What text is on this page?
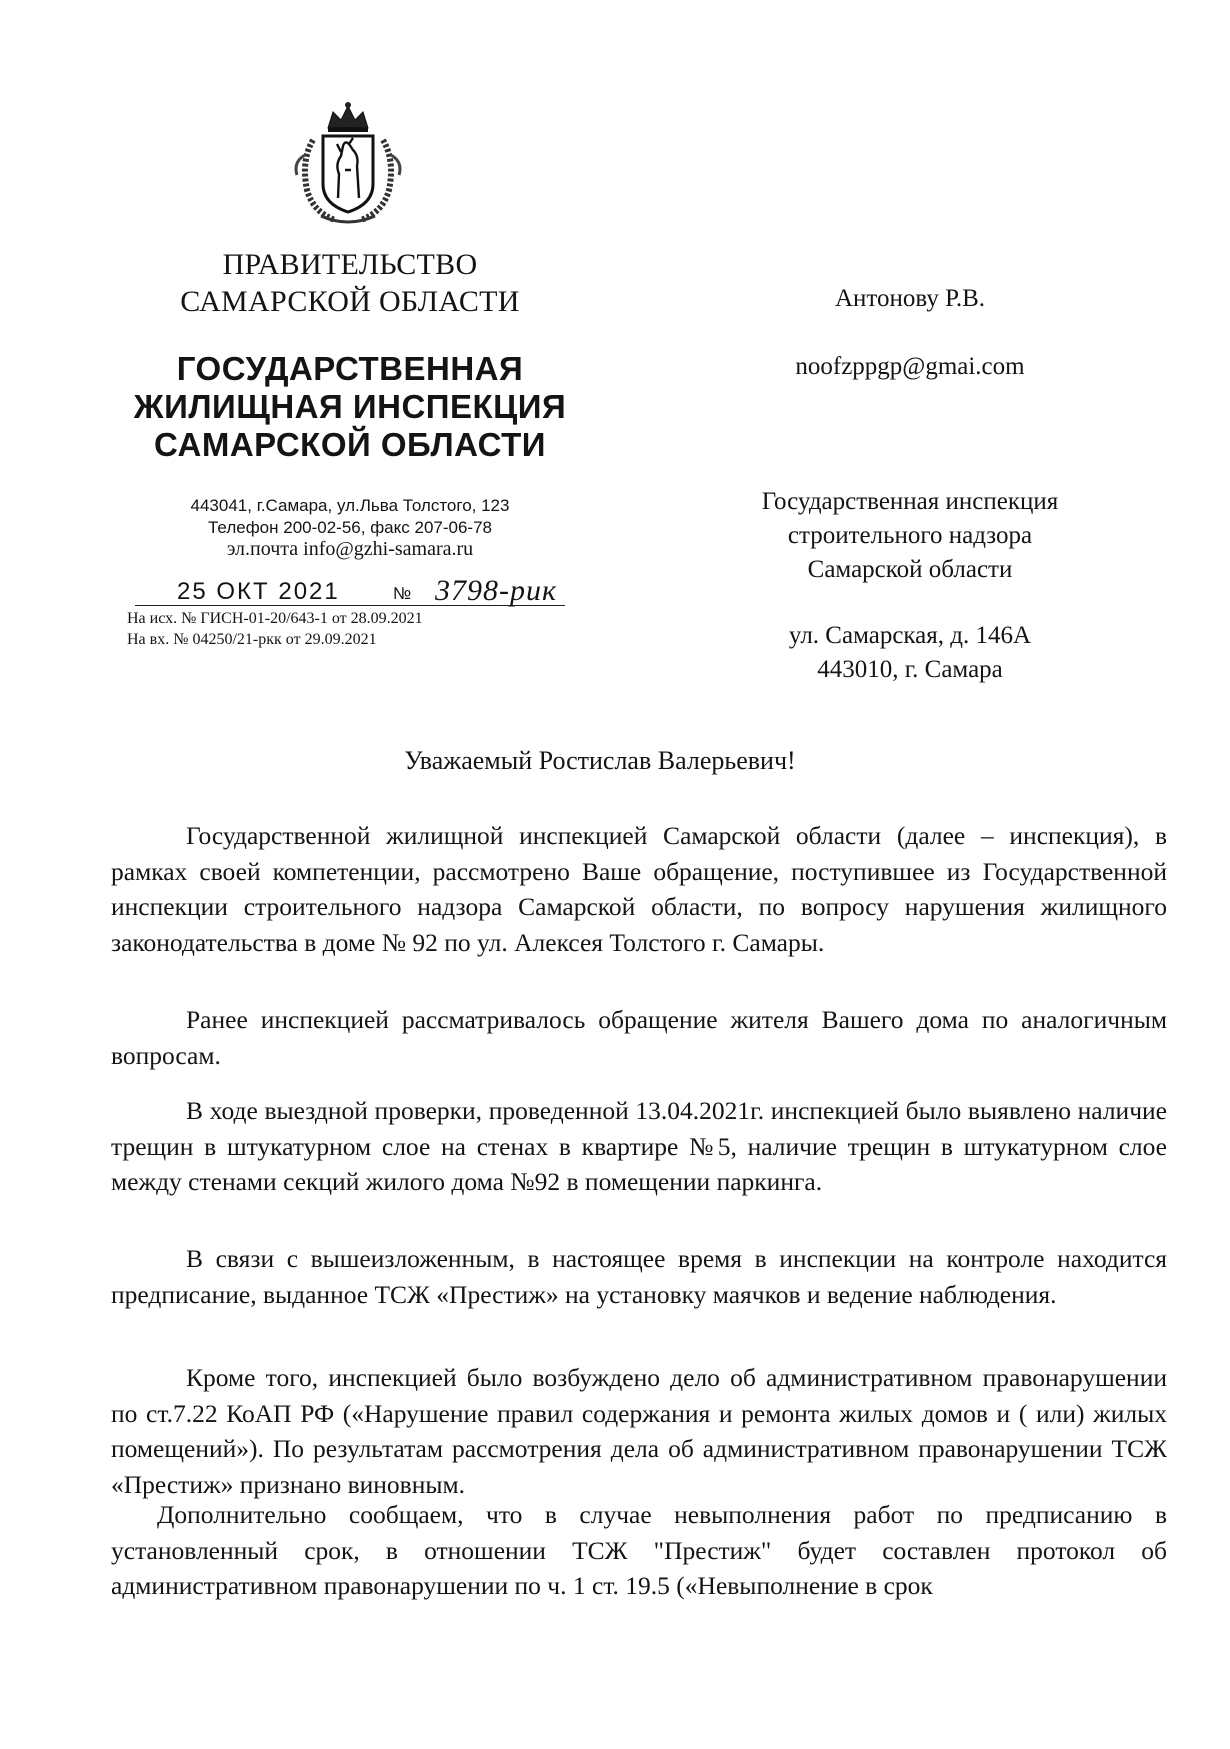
ПРАВИТЕЛЬСТВО
САМАРСКОЙ ОБЛАСТИ
ГОСУДАРСТВЕННАЯ
ЖИЛИЩНАЯ ИНСПЕКЦИЯ
САМАРСКОЙ ОБЛАСТИ
443041, г.Самара, ул.Льва Толстого, 123
Телефон 200-02-56, факс 207-06-78
эл.почта info@gzhi-samara.ru
25 ОКТ 2021	№ 3798-рик
На исх. № ГИСН-01-20/643-1 от 28.09.2021
На вх. № 04250/21-ркк от 29.09.2021
Антонову Р.В.
noofzppgp@gmai.com
Государственная инспекция
строительного надзора
Самарской области
ул. Самарская, д. 146А
443010, г. Самара
Уважаемый Ростислав Валерьевич!

Государственной жилищной инспекцией Самарской области (далее – инспекция), в рамках своей компетенции, рассмотрено Ваше обращение, поступившее из Государственной инспекции строительного надзора Самарской области, по вопросу нарушения жилищного законодательства в доме № 92 по ул. Алексея Толстого г. Самары.

Ранее инспекцией рассматривалось обращение жителя Вашего дома по аналогичным вопросам.

В ходе выездной проверки, проведенной 13.04.2021г. инспекцией было выявлено наличие трещин в штукатурном слое на стенах в квартире №5, наличие трещин в штукатурном слое между стенами секций жилого дома №92 в помещении паркинга.

В связи с вышеизложенным, в настоящее время в инспекции на контроле находится предписание, выданное ТСЖ «Престиж» на установку маячков и ведение наблюдения.

Кроме того, инспекцией было возбуждено дело об административном правонарушении по ст.7.22 КоАП РФ («Нарушение правил содержания и ремонта жилых домов и ( или) жилых помещений»). По результатам рассмотрения дела об административном правонарушении ТСЖ «Престиж» признано виновным.

Дополнительно сообщаем, что в случае невыполнения работ по предписанию в установленный срок, в отношении ТСЖ "Престиж" будет составлен протокол об административном правонарушении по ч. 1 ст. 19.5 («Невыполнение в срок
